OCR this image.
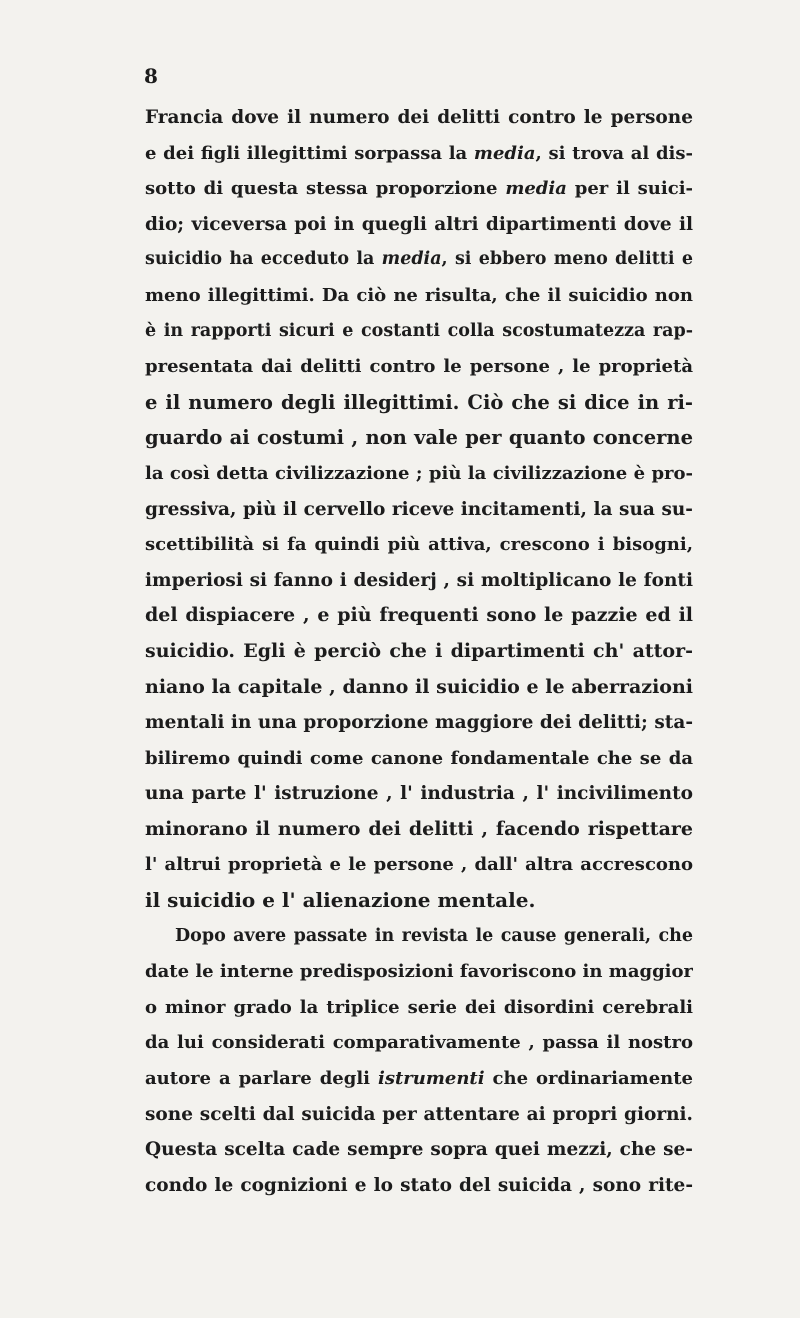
8
Francia dove il numero dei delitti contro le persone
e dei figli illegittimi sorpassa la media, si trova al dis-
sotto di questa stessa proporzione media per il suici-
dio; viceversa poi in quegli altri dipartimenti dove il
suicidio ha ecceduto la media, si ebbero meno delitti e
meno illegittimi. Da ciò ne risulta, che il suicidio non
è in rapporti sicuri e costanti colla scostumatezza rap-
presentata dai delitti contro le persone , le proprietà
e il numero degli illegittimi. Ciò che si dice in ri-
guardo ai costumi , non vale per quanto concerne
la così detta civilizzazione ; più la civilizzazione è pro-
gressiva, più il cervello riceve incitamenti, la sua su-
scettibilità si fa quindi più attiva, crescono i bisogni,
imperiosi si fanno i desiderj , si moltiplicano le fonti
del dispiacere , e più frequenti sono le pazzie ed il
suicidio. Egli è perciò che i dipartimenti ch' attor-
niano la capitale , danno il suicidio e le aberrazioni
mentali in una proporzione maggiore dei delitti; sta-
biliremo quindi come canone fondamentale che se da
una parte l' istruzione , l' industria , l' incivilimento
minorano il numero dei delitti , facendo rispettare
l' altrui proprietà e le persone , dall' altra accrescono
il suicidio e l' alienazione mentale.
Dopo avere passate in revista le cause generali, che
date le interne predisposizioni favoriscono in maggior
o minor grado la triplice serie dei disordini cerebrali
da lui considerati comparativamente , passa il nostro
autore a parlare degli istrumenti che ordinariamente
sone scelti dal suicida per attentare ai propri giorni.
Questa scelta cade sempre sopra quei mezzi, che se-
condo le cognizioni e lo stato del suicida , sono rite-
